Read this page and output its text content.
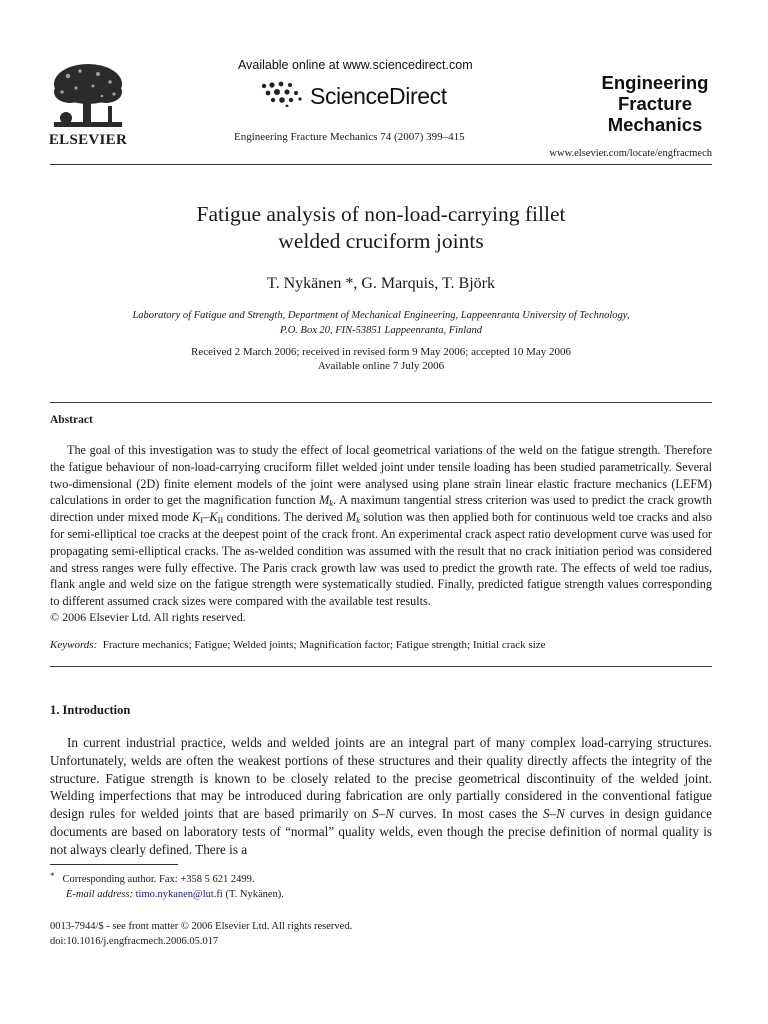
ELSEVIER
Available online at www.sciencedirect.com
ScienceDirect
Engineering Fracture Mechanics 74 (2007) 399–415
Engineering
Fracture
Mechanics
www.elsevier.com/locate/engfracmech
Fatigue analysis of non-load-carrying fillet
welded cruciform joints
T. Nykänen *, G. Marquis, T. Björk
Laboratory of Fatigue and Strength, Department of Mechanical Engineering, Lappeenranta University of Technology,
P.O. Box 20, FIN-53851 Lappeenranta, Finland
Received 2 March 2006; received in revised form 9 May 2006; accepted 10 May 2006
Available online 7 July 2006
Abstract

The goal of this investigation was to study the effect of local geometrical variations of the weld on the fatigue strength. Therefore the fatigue behaviour of non-load-carrying cruciform fillet welded joint under tensile loading has been studied parametrically. Several two-dimensional (2D) finite element models of the joint were analysed using plane strain linear elastic fracture mechanics (LEFM) calculations in order to get the magnification function $M_k$. A maximum tangential stress criterion was used to predict the crack growth direction under mixed mode $K_I-K_{II}$ conditions. The derived $M_k$ solution was then applied both for continuous weld toe cracks and also for semi-elliptical toe cracks at the deepest point of the crack front. An experimental crack aspect ratio development curve was used for propagating semi-elliptical cracks. The as-welded condition was assumed with the result that no crack initiation period was considered and stress ranges were fully effective. The Paris crack growth law was used to predict the growth rate. The effects of weld toe radius, flank angle and weld size on the fatigue strength were systematically studied. Finally, predicted fatigue strength values corresponding to different assumed crack sizes were compared with the available test results.

© 2006 Elsevier Ltd. All rights reserved.
Keywords: Fracture mechanics; Fatigue; Welded joints; Magnification factor; Fatigue strength; Initial crack size
1. Introduction

In current industrial practice, welds and welded joints are an integral part of many complex load-carrying structures. Unfortunately, welds are often the weakest portions of these structures and their quality directly affects the integrity of the structure. Fatigue strength is known to be closely related to the precise geometrical discontinuity of the welded joint. Welding imperfections that may be introduced during fabrication are only partially considered in the conventional fatigue design rules for welded joints that are based primarily on S–N curves. In most cases the S–N curves in design guidance documents are based on laboratory tests of “normal” quality welds, even though the precise definition of normal quality is not always clearly defined. There is a

* Corresponding author. Fax: +358 5 621 2499.
E-mail address: timo.nykanen@lut.fi (T. Nykänen).
0013-7944/$ - see front matter © 2006 Elsevier Ltd. All rights reserved.
doi:10.1016/j.engfracmech.2006.05.017
